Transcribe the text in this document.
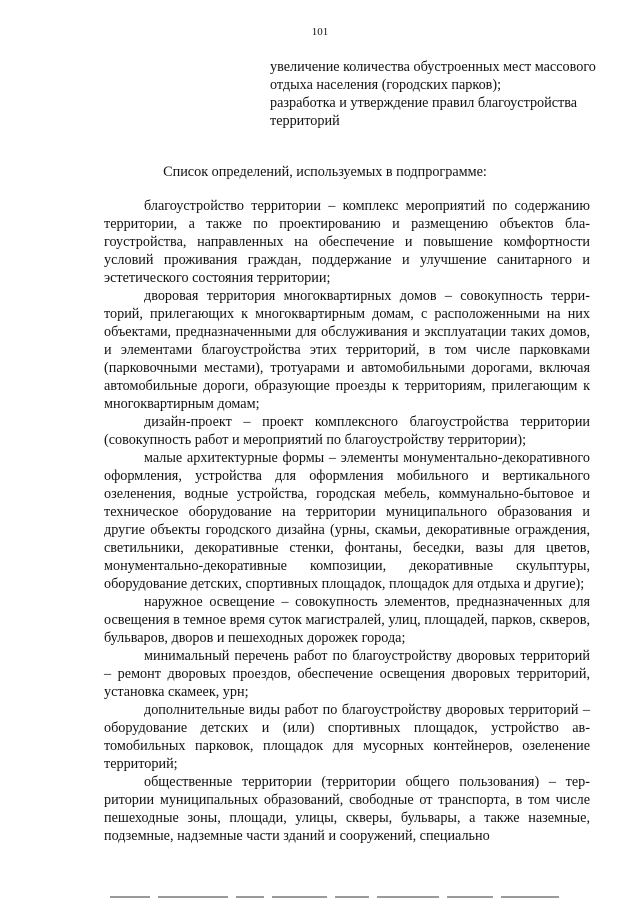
101

увеличение количества обустроенных мест массового отдыха населения (городских парков);

разработка и утверждение правил благоустройства территорий

Список определений, используемых в подпрограмме:

благоустройство территории – комплекс мероприятий по содержанию территории, а также по проектированию и размещению объектов благоустройства, направленных на обеспечение и повышение комфортности условий проживания граждан, поддержание и улучшение санитарного и эстетического состояния территории;

дворовая территория многоквартирных домов – совокупность территорий, прилегающих к многоквартирным домам, с расположенными на них объектами, предназначенными для обслуживания и эксплуатации таких домов, и элементами благоустройства этих территорий, в том числе парковками (парковочными местами), тротуарами и автомобильными дорогами, включая автомобильные дороги, образующие проезды к территориям, прилегающим к многоквартирным домам;

дизайн-проект – проект комплексного благоустройства территории (совокупность работ и мероприятий по благоустройству территории);

малые архитектурные формы – элементы монументально-декоративного оформления, устройства для оформления мобильного и вертикального озеленения, водные устройства, городская мебель, коммунально-бытовое и техническое оборудование на территории муниципального образования и другие объекты городского дизайна (урны, скамьи, декоративные ограждения, светильники, декоративные стенки, фонтаны, беседки, вазы для цветов, монументально-декоративные композиции, декоративные скульптуры, оборудование детских, спортивных площадок, площадок для отдыха и другие);

наружное освещение – совокупность элементов, предназначенных для освещения в темное время суток магистралей, улиц, площадей, парков, скверов, бульваров, дворов и пешеходных дорожек города;

минимальный перечень работ по благоустройству дворовых территорий – ремонт дворовых проездов, обеспечение освещения дворовых территорий, установка скамеек, урн;

дополнительные виды работ по благоустройству дворовых территорий – оборудование детских и (или) спортивных площадок, устройство автомобильных парковок, площадок для мусорных контейнеров, озеленение территорий;

общественные территории (территории общего пользования) – территории муниципальных образований, свободные от транспорта, в том числе пешеходные зоны, площади, улицы, скверы, бульвары, а также наземные, подземные, надземные части зданий и сооружений, специально
